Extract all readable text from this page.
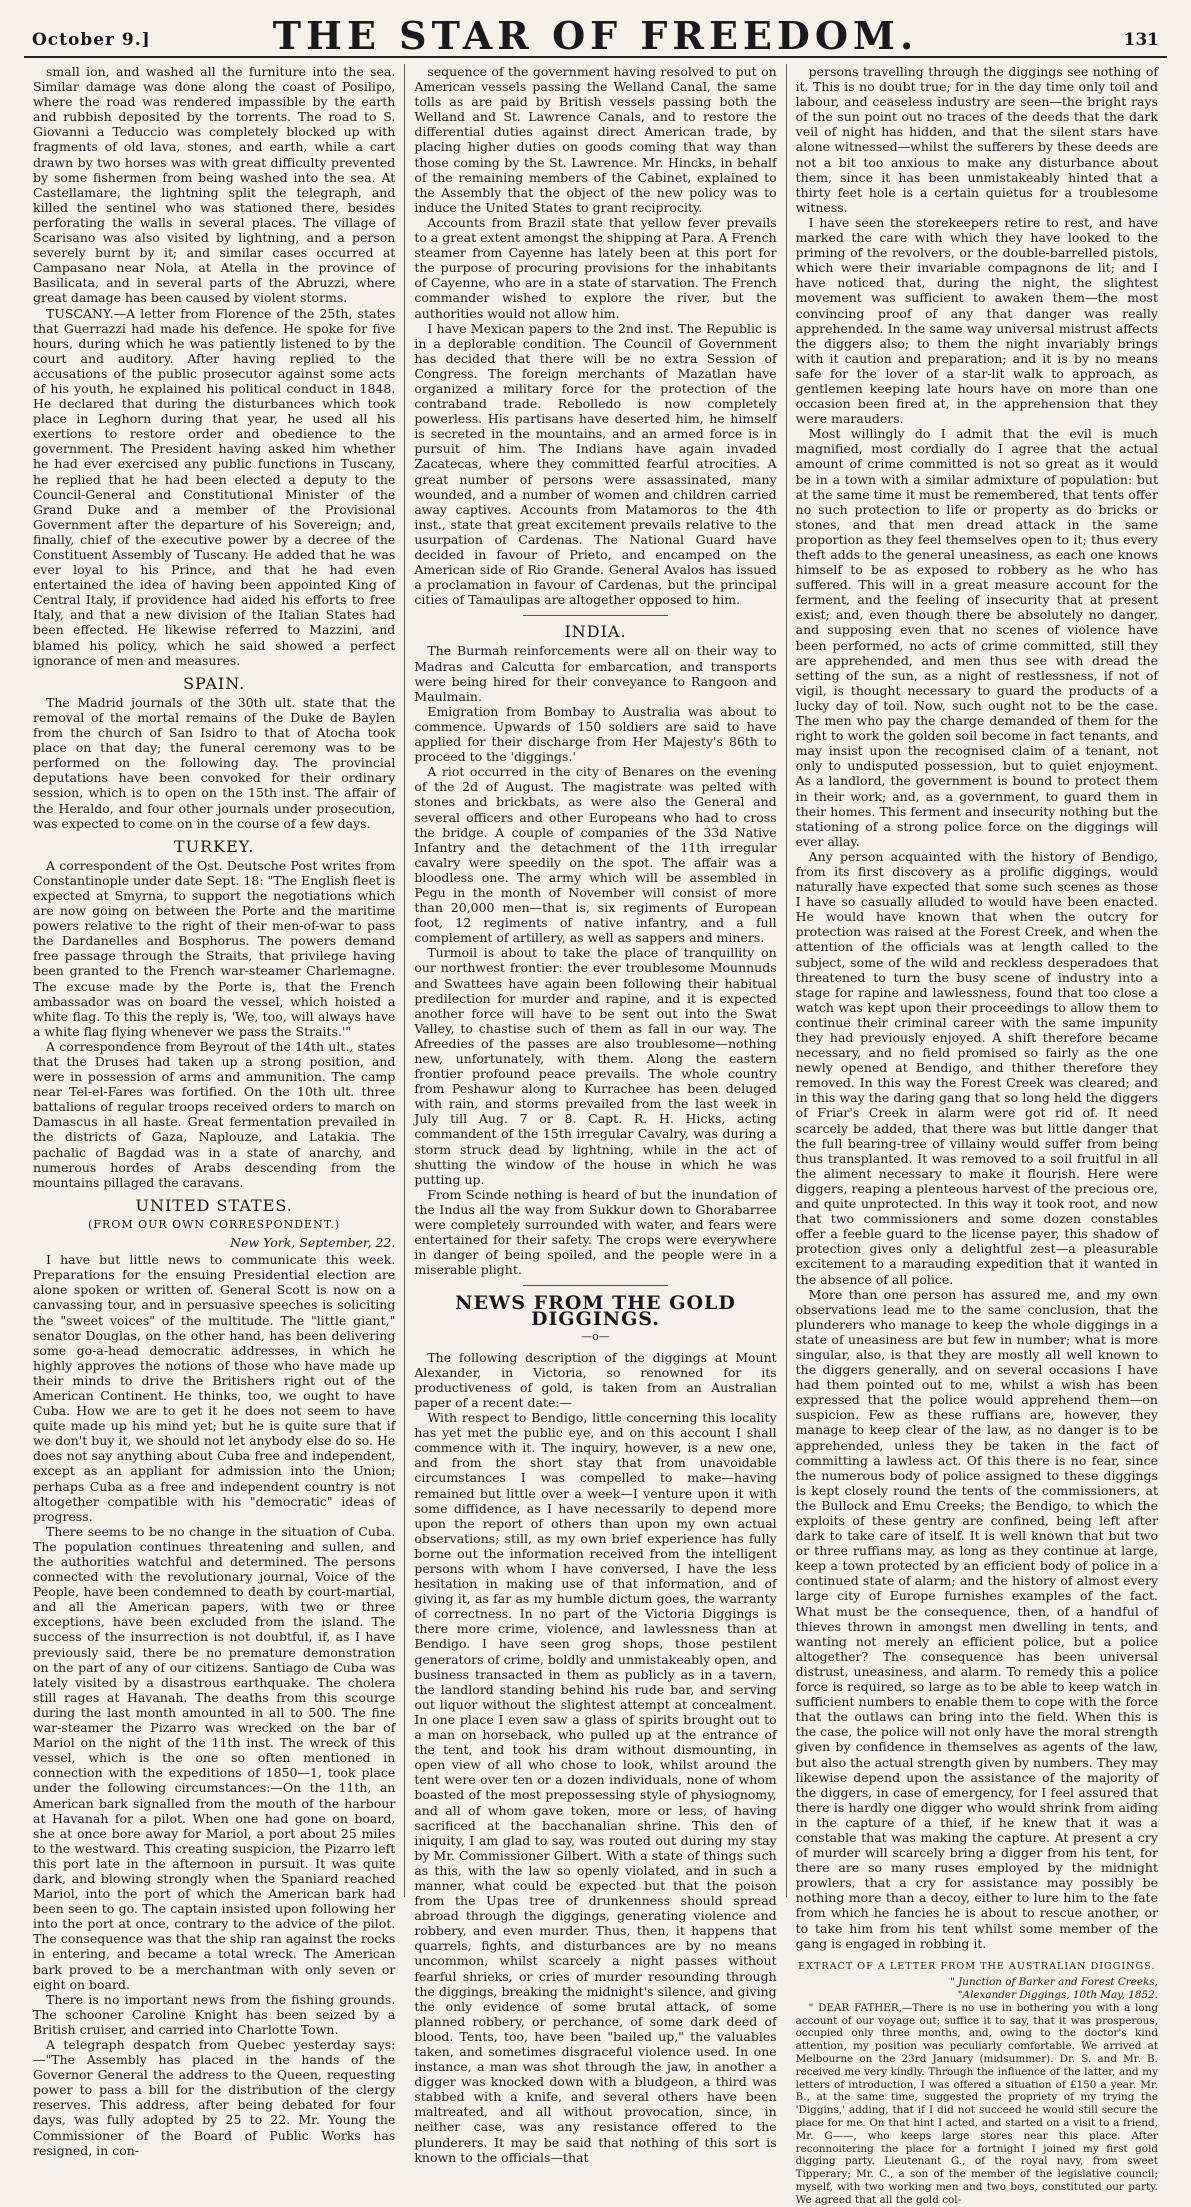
October 9.]	THE STAR OF FREEDOM.	131

small ion, and washed all the furniture into the sea. Similar damage was done along the coast of Posilipo, where the road was rendered impassible by the earth and rubbish deposited by the torrents. The road to S. Giovanni a Teduccio was completely blocked up with fragments of old lava, stones, and earth, while a cart drawn by two horses was with great difficulty prevented by some fishermen from being washed into the sea. At Castellamare, the lightning split the telegraph, and killed the sentinel who was stationed there, besides perforating the walls in several places. The village of Scarisano was also visited by lightning, and a person severely burnt by it; and similar cases occurred at Campasano near Nola, at Atella in the province of Basilicata, and in several parts of the Abruzzi, where great damage has been caused by violent storms.

TUSCANY.—A letter from Florence of the 25th, states that Guerrazzi had made his defence. He spoke for five hours, during which he was patiently listened to by the court and auditory. After having replied to the accusations of the public prosecutor against some acts of his youth, he explained his political conduct in 1848. He declared that during the disturbances which took place in Leghorn during that year, he used all his exertions to restore order and obedience to the government. The President having asked him whether he had ever exercised any public functions in Tuscany, he replied that he had been elected a deputy to the Council-General and Constitutional Minister of the Grand Duke and a member of the Provisional Government after the departure of his Sovereign; and, finally, chief of the executive power by a decree of the Constituent Assembly of Tuscany. He added that he was ever loyal to his Prince, and that he had even entertained the idea of having been appointed King of Central Italy, if providence had aided his efforts to free Italy, and that a new division of the Italian States had been effected. He likewise referred to Mazzini, and blamed his policy, which he said showed a perfect ignorance of men and measures.

SPAIN.

The Madrid journals of the 30th ult. state that the removal of the mortal remains of the Duke de Baylen from the church of San Isidro to that of Atocha took place on that day; the funeral ceremony was to be performed on the following day. The provincial deputations have been convoked for their ordinary session, which is to open on the 15th inst. The affair of the Heraldo, and four other journals under prosecution, was expected to come on in the course of a few days.

TURKEY.

A correspondent of the Ost. Deutsche Post writes from Constantinople under date Sept. 18: "The English fleet is expected at Smyrna, to support the negotiations which are now going on between the Porte and the maritime powers relative to the right of their men-of-war to pass the Dardanelles and Bosphorus. The powers demand free passage through the Straits, that privilege having been granted to the French war-steamer Charlemagne. The excuse made by the Porte is, that the French ambassador was on board the vessel, which hoisted a white flag. To this the reply is, 'We, too, will always have a white flag flying whenever we pass the Straits.'"

A correspondence from Beyrout of the 14th ult., states that the Druses had taken up a strong position, and were in possession of arms and ammunition. The camp near Tel-el-Fares was fortified. On the 10th ult. three battalions of regular troops received orders to march on Damascus in all haste. Great fermentation prevailed in the districts of Gaza, Naplouze, and Latakia. The pachalic of Bagdad was in a state of anarchy, and numerous hordes of Arabs descending from the mountains pillaged the caravans.

UNITED STATES.
(FROM OUR OWN CORRESPONDENT.)
New York, September, 22.

I have but little news to communicate this week. Preparations for the ensuing Presidential election are alone spoken or written of. General Scott is now on a canvassing tour, and in persuasive speeches is soliciting the "sweet voices" of the multitude. The "little giant," senator Douglas, on the other hand, has been delivering some go-a-head democratic addresses, in which he highly approves the notions of those who have made up their minds to drive the Britishers right out of the American Continent. He thinks, too, we ought to have Cuba. How we are to get it he does not seem to have quite made up his mind yet; but he is quite sure that if we don't buy it, we should not let anybody else do so. He does not say anything about Cuba free and independent, except as an appliant for admission into the Union; perhaps Cuba as a free and independent country is not altogether compatible with his "democratic" ideas of progress.

There seems to be no change in the situation of Cuba. The population continues threatening and sullen, and the authorities watchful and determined. The persons connected with the revolutionary journal, Voice of the People, have been condemned to death by court-martial, and all the American papers, with two or three exceptions, have been excluded from the island. The success of the insurrection is not doubtful, if, as I have previously said, there be no premature demonstration on the part of any of our citizens. Santiago de Cuba was lately visited by a disastrous earthquake. The cholera still rages at Havanah. The deaths from this scourge during the last month amounted in all to 500. The fine war-steamer the Pizarro was wrecked on the bar of Mariol on the night of the 11th inst. The wreck of this vessel, which is the one so often mentioned in connection with the expeditions of 1850—1, took place under the following circumstances:—On the 11th, an American bark signalled from the mouth of the harbour at Havanah for a pilot. When one had gone on board, she at once bore away for Mariol, a port about 25 miles to the westward. This creating suspicion, the Pizarro left this port late in the afternoon in pursuit. It was quite dark, and blowing strongly when the Spaniard reached Mariol, into the port of which the American bark had been seen to go. The captain insisted upon following her into the port at once, contrary to the advice of the pilot. The consequence was that the ship ran against the rocks in entering, and became a total wreck. The American bark proved to be a merchantman with only seven or eight on board.

There is no important news from the fishing grounds. The schooner Caroline Knight has been seized by a British cruiser, and carried into Charlotte Town.

A telegraph despatch from Quebec yesterday says:—"The Assembly has placed in the hands of the Governor General the address to the Queen, requesting power to pass a bill for the distribution of the clergy reserves. This address, after being debated for four days, was fully adopted by 25 to 22. Mr. Young the Commissioner of the Board of Public Works has resigned, in con-

sequence of the government having resolved to put on American vessels passing the Welland Canal, the same tolls as are paid by British vessels passing both the Welland and St. Lawrence Canals, and to restore the differential duties against direct American trade, by placing higher duties on goods coming that way than those coming by the St. Lawrence. Mr. Hincks, in behalf of the remaining members of the Cabinet, explained to the Assembly that the object of the new policy was to induce the United States to grant reciprocity.

Accounts from Brazil state that yellow fever prevails to a great extent amongst the shipping at Para. A French steamer from Cayenne has lately been at this port for the purpose of procuring provisions for the inhabitants of Cayenne, who are in a state of starvation. The French commander wished to explore the river, but the authorities would not allow him.

I have Mexican papers to the 2nd inst. The Republic is in a deplorable condition. The Council of Government has decided that there will be no extra Session of Congress. The foreign merchants of Mazatlan have organized a military force for the protection of the contraband trade. Rebolledo is now completely powerless. His partisans have deserted him, he himself is secreted in the mountains, and an armed force is in pursuit of him. The Indians have again invaded Zacatecas, where they committed fearful atrocities. A great number of persons were assassinated, many wounded, and a number of women and children carried away captives. Accounts from Matamoros to the 4th inst., state that great excitement prevails relative to the usurpation of Cardenas. The National Guard have decided in favour of Prieto, and encamped on the American side of Rio Grande. General Avalos has issued a proclamation in favour of Cardenas, but the principal cities of Tamaulipas are altogether opposed to him.

INDIA.

The Burmah reinforcements were all on their way to Madras and Calcutta for embarcation, and transports were being hired for their conveyance to Rangoon and Maulmain.

Emigration from Bombay to Australia was about to commence. Upwards of 150 soldiers are said to have applied for their discharge from Her Majesty's 86th to proceed to the 'diggings.'

A riot occurred in the city of Benares on the evening of the 2d of August. The magistrate was pelted with stones and brickbats, as were also the General and several officers and other Europeans who had to cross the bridge. A couple of companies of the 33d Native Infantry and the detachment of the 11th irregular cavalry were speedily on the spot. The affair was a bloodless one. The army which will be assembled in Pegu in the month of November will consist of more than 20,000 men—that is, six regiments of European foot, 12 regiments of native infantry, and a full complement of artillery, as well as sappers and miners.

Turmoil is about to take the place of tranquillity on our northwest frontier: the ever troublesome Mounnuds and Swattees have again been following their habitual predilection for murder and rapine, and it is expected another force will have to be sent out into the Swat Valley, to chastise such of them as fall in our way. The Afreedies of the passes are also troublesome—nothing new, unfortunately, with them. Along the eastern frontier profound peace prevails. The whole country from Peshawur along to Kurrachee has been deluged with rain, and storms prevailed from the last week in July till Aug. 7 or 8. Capt. R. H. Hicks, acting commandent of the 15th irregular Cavalry, was during a storm struck dead by lightning, while in the act of shutting the window of the house in which he was putting up.

From Scinde nothing is heard of but the inundation of the Indus all the way from Sukkur down to Ghorabarree were completely surrounded with water, and fears were entertained for their safety. The crops were everywhere in danger of being spoiled, and the people were in a miserable plight.

NEWS FROM THE GOLD DIGGINGS.
—o—

The following description of the diggings at Mount Alexander, in Victoria, so renowned for its productiveness of gold, is taken from an Australian paper of a recent date:—

With respect to Bendigo, little concerning this locality has yet met the public eye, and on this account I shall commence with it. The inquiry, however, is a new one, and from the short stay that from unavoidable circumstances I was compelled to make—having remained but little over a week—I venture upon it with some diffidence, as I have necessarily to depend more upon the report of others than upon my own actual observations; still, as my own brief experience has fully borne out the information received from the intelligent persons with whom I have conversed, I have the less hesitation in making use of that information, and of giving it, as far as my humble dictum goes, the warranty of correctness. In no part of the Victoria Diggings is there more crime, violence, and lawlessness than at Bendigo. I have seen grog shops, those pestilent generators of crime, boldly and unmistakeably open, and business transacted in them as publicly as in a tavern, the landlord standing behind his rude bar, and serving out liquor without the slightest attempt at concealment. In one place I even saw a glass of spirits brought out to a man on horseback, who pulled up at the entrance of the tent, and took his dram without dismounting, in open view of all who chose to look, whilst around the tent were over ten or a dozen individuals, none of whom boasted of the most prepossessing style of physiognomy, and all of whom gave token, more or less, of having sacrificed at the bacchanalian shrine. This den of iniquity, I am glad to say, was routed out during my stay by Mr. Commissioner Gilbert. With a state of things such as this, with the law so openly violated, and in such a manner, what could be expected but that the poison from the Upas tree of drunkenness should spread abroad through the diggings, generating violence and robbery, and even murder. Thus, then, it happens that quarrels, fights, and disturbances are by no means uncommon, whilst scarcely a night passes without fearful shrieks, or cries of murder resounding through the diggings, breaking the midnight's silence, and giving the only evidence of some brutal attack, of some planned robbery, or perchance, of some dark deed of blood. Tents, too, have been "bailed up," the valuables taken, and sometimes disgraceful violence used. In one instance, a man was shot through the jaw, in another a digger was knocked down with a bludgeon, a third was stabbed with a knife, and several others have been maltreated, and all without provocation, since, in neither case, was any resistance offered to the plunderers. It may be said that nothing of this sort is known to the officials—that

persons travelling through the diggings see nothing of it. This is no doubt true; for in the day time only toil and labour, and ceaseless industry are seen—the bright rays of the sun point out no traces of the deeds that the dark veil of night has hidden, and that the silent stars have alone witnessed—whilst the sufferers by these deeds are not a bit too anxious to make any disturbance about them, since it has been unmistakeably hinted that a thirty feet hole is a certain quietus for a troublesome witness.

I have seen the storekeepers retire to rest, and have marked the care with which they have looked to the priming of the revolvers, or the double-barrelled pistols, which were their invariable compagnons de lit; and I have noticed that, during the night, the slightest movement was sufficient to awaken them—the most convincing proof of any that danger was really apprehended. In the same way universal mistrust affects the diggers also; to them the night invariably brings with it caution and preparation; and it is by no means safe for the lover of a star-lit walk to approach, as gentlemen keeping late hours have on more than one occasion been fired at, in the apprehension that they were marauders.

Most willingly do I admit that the evil is much magnified, most cordially do I agree that the actual amount of crime committed is not so great as it would be in a town with a similar admixture of population: but at the same time it must be remembered, that tents offer no such protection to life or property as do bricks or stones, and that men dread attack in the same proportion as they feel themselves open to it; thus every theft adds to the general uneasiness, as each one knows himself to be as exposed to robbery as he who has suffered. This will in a great measure account for the ferment, and the feeling of insecurity that at present exist; and, even though there be absolutely no danger, and supposing even that no scenes of violence have been performed, no acts of crime committed, still they are apprehended, and men thus see with dread the setting of the sun, as a night of restlessness, if not of vigil, is thought necessary to guard the products of a lucky day of toil. Now, such ought not to be the case. The men who pay the charge demanded of them for the right to work the golden soil become in fact tenants, and may insist upon the recognised claim of a tenant, not only to undisputed possession, but to quiet enjoyment. As a landlord, the government is bound to protect them in their work; and, as a government, to guard them in their homes. This ferment and insecurity nothing but the stationing of a strong police force on the diggings will ever allay.

Any person acquainted with the history of Bendigo, from its first discovery as a prolific diggings, would naturally have expected that some such scenes as those I have so casually alluded to would have been enacted. He would have known that when the outcry for protection was raised at the Forest Creek, and when the attention of the officials was at length called to the subject, some of the wild and reckless desperadoes that threatened to turn the busy scene of industry into a stage for rapine and lawlessness, found that too close a watch was kept upon their proceedings to allow them to continue their criminal career with the same impunity they had previously enjoyed. A shift therefore became necessary, and no field promised so fairly as the one newly opened at Bendigo, and thither therefore they removed. In this way the Forest Creek was cleared; and in this way the daring gang that so long held the diggers of Friar's Creek in alarm were got rid of. It need scarcely be added, that there was but little danger that the full bearing-tree of villainy would suffer from being thus transplanted. It was removed to a soil fruitful in all the aliment necessary to make it flourish. Here were diggers, reaping a plenteous harvest of the precious ore, and quite unprotected. In this way it took root, and now that two commissioners and some dozen constables offer a feeble guard to the license payer, this shadow of protection gives only a delightful zest—a pleasurable excitement to a marauding expedition that it wanted in the absence of all police.

More than one person has assured me, and my own observations lead me to the same conclusion, that the plunderers who manage to keep the whole diggings in a state of uneasiness are but few in number; what is more singular, also, is that they are mostly all well known to the diggers generally, and on several occasions I have had them pointed out to me, whilst a wish has been expressed that the police would apprehend them—on suspicion. Few as these ruffians are, however, they manage to keep clear of the law, as no danger is to be apprehended, unless they be taken in the fact of committing a lawless act. Of this there is no fear, since the numerous body of police assigned to these diggings is kept closely round the tents of the commissioners, at the Bullock and Emu Creeks; the Bendigo, to which the exploits of these gentry are confined, being left after dark to take care of itself. It is well known that but two or three ruffians may, as long as they continue at large, keep a town protected by an efficient body of police in a continued state of alarm; and the history of almost every large city of Europe furnishes examples of the fact. What must be the consequence, then, of a handful of thieves thrown in amongst men dwelling in tents, and wanting not merely an efficient police, but a police altogether? The consequence has been universal distrust, uneasiness, and alarm. To remedy this a police force is required, so large as to be able to keep watch in sufficient numbers to enable them to cope with the force that the outlaws can bring into the field. When this is the case, the police will not only have the moral strength given by confidence in themselves as agents of the law, but also the actual strength given by numbers. They may likewise depend upon the assistance of the majority of the diggers, in case of emergency, for I feel assured that there is hardly one digger who would shrink from aiding in the capture of a thief, if he knew that it was a constable that was making the capture. At present a cry of murder will scarcely bring a digger from his tent, for there are so many ruses employed by the midnight prowlers, that a cry for assistance may possibly be nothing more than a decoy, either to lure him to the fate from which he fancies he is about to rescue another, or to take him from his tent whilst some member of the gang is engaged in robbing it.

EXTRACT OF A LETTER FROM THE AUSTRALIAN DIGGINGS.

" Junction of Barker and Forest Creeks,

"Alexander Diggings, 10th May, 1852.

" DEAR FATHER,—There is no use in bothering you with a long account of our voyage out; suffice it to say, that it was prosperous, occupied only three months, and, owing to the doctor's kind attention, my position was peculiarly comfortable. We arrived at Melbourne on the 23rd January (midsummer). Dr. S. and Mr. B. received me very kindly. Through the influence of the latter, and my letters of introduction, I was offered a situation of £150 a year. Mr. B., at the same time, suggested the propriety of my trying the 'Diggins,' adding, that if I did not succeed he would still secure the place for me. On that hint I acted, and started on a visit to a friend, Mr. G——, who keeps large stores near this place. After reconnoitering the place for a fortnight I joined my first gold digging party. Lieutenant G., of the royal navy, from sweet Tipperary; Mr. C., a son of the member of the legislative council; myself, with two working men and two boys, constituted our party. We agreed that all the gold col-
